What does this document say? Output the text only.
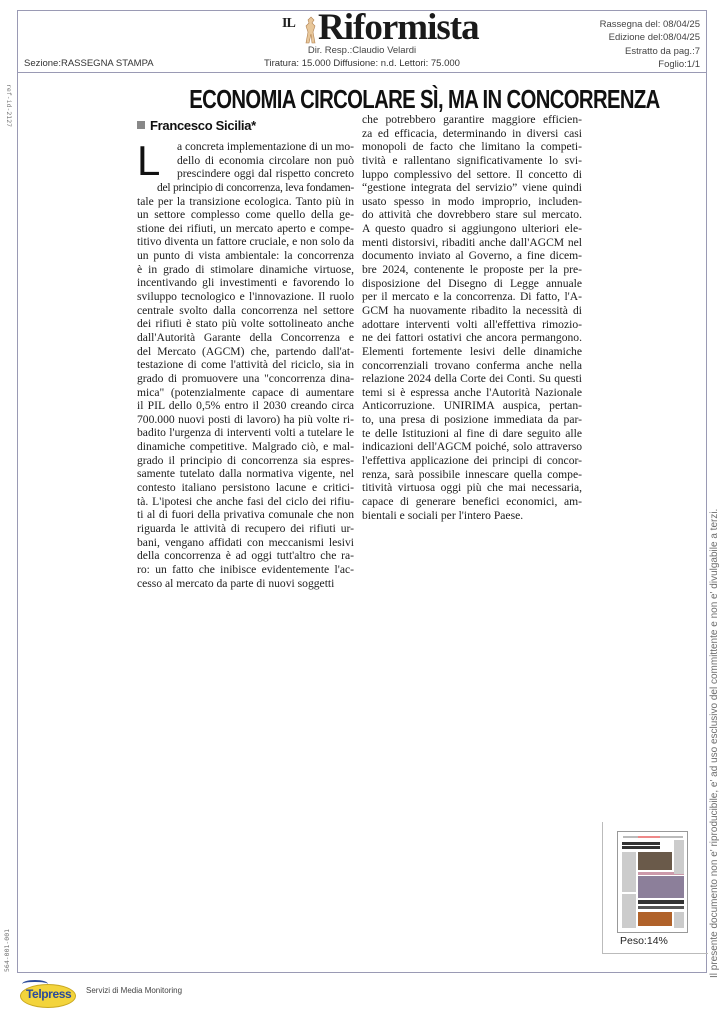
Sezione:RASSEGNA STAMPA
IL Riformista
Dir. Resp.:Claudio Velardi
Tiratura: 15.000 Diffusione: n.d. Lettori: 75.000
Rassegna del: 08/04/25
Edizione del:08/04/25
Estratto da pag.:7
Foglio:1/1
ref-id-2127
564-001-001
ECONOMIA CIRCOLARE SÌ, MA IN CONCORRENZA
Francesco Sicilia*
L	a concreta implementazione di un mo-
dello di economia circolare non può
prescindere oggi dal rispetto concreto
del principio di concorrenza, leva fondamen-
tale per la transizione ecologica. Tanto più in
un settore complesso come quello della ge-
stione dei rifiuti, un mercato aperto e compe-
titivo diventa un fattore cruciale, e non solo da
un punto di vista ambientale: la concorrenza
è in grado di stimolare dinamiche virtuose,
incentivando gli investimenti e favorendo lo
sviluppo tecnologico e l'innovazione. Il ruolo
centrale svolto dalla concorrenza nel settore
dei rifiuti è stato più volte sottolineato anche
dall'Autorità Garante della Concorrenza e
del Mercato (AGCM) che, partendo dall'at-
testazione di come l'attività del riciclo, sia in
grado di promuovere una "concorrenza dina-
mica" (potenzialmente capace di aumentare
il PIL dello 0,5% entro il 2030 creando circa
700.000 nuovi posti di lavoro) ha più volte ri-
badito l'urgenza di interventi volti a tutelare le
dinamiche competitive. Malgrado ciò, e mal-
grado il principio di concorrenza sia espres-
samente tutelato dalla normativa vigente, nel
contesto italiano persistono lacune e critici-
tà. L'ipotesi che anche fasi del ciclo dei rifiu-
ti al di fuori della privativa comunale che non
riguarda le attività di recupero dei rifiuti ur-
bani, vengano affidati con meccanismi lesivi
della concorrenza è ad oggi tutt'altro che ra-
ro: un fatto che inibisce evidentemente l'ac-
cesso al mercato da parte di nuovi soggetti
che potrebbero garantire maggiore efficien-
za ed efficacia, determinando in diversi casi
monopoli de facto che limitano la competi-
tività e rallentano significativamente lo svi-
luppo complessivo del settore. Il concetto di
“gestione integrata del servizio” viene quindi
usato spesso in modo improprio, includen-
do attività che dovrebbero stare sul mercato.
A questo quadro si aggiungono ulteriori ele-
menti distorsivi, ribaditi anche dall'AGCM nel
documento inviato al Governo, a fine dicem-
bre 2024, contenente le proposte per la pre-
disposizione del Disegno di Legge annuale
per il mercato e la concorrenza. Di fatto, l'A-
GCM ha nuovamente ribadito la necessità di
adottare interventi volti all'effettiva rimozio-
ne dei fattori ostativi che ancora permangono.
Elementi fortemente lesivi delle dinamiche
concorrenziali trovano conferma anche nella
relazione 2024 della Corte dei Conti. Su questi
temi si è espressa anche l'Autorità Nazionale
Anticorruzione. UNIRIMA auspica, pertan-
to, una presa di posizione immediata da par-
te delle Istituzioni al fine di dare seguito alle
indicazioni dell'AGCM poiché, solo attraverso
l'effettiva applicazione dei principi di concor-
renza, sarà possibile innescare quella compe-
titività virtuosa oggi più che mai necessaria,
capace di generare benefici economici, am-
bientali e sociali per l'intero Paese.
Peso:14%	Il presente documento non e' riproducibile, e' ad uso esclusivo del committente e non e' divulgabile a terzi.
Telpress Servizi di Media Monitoring
